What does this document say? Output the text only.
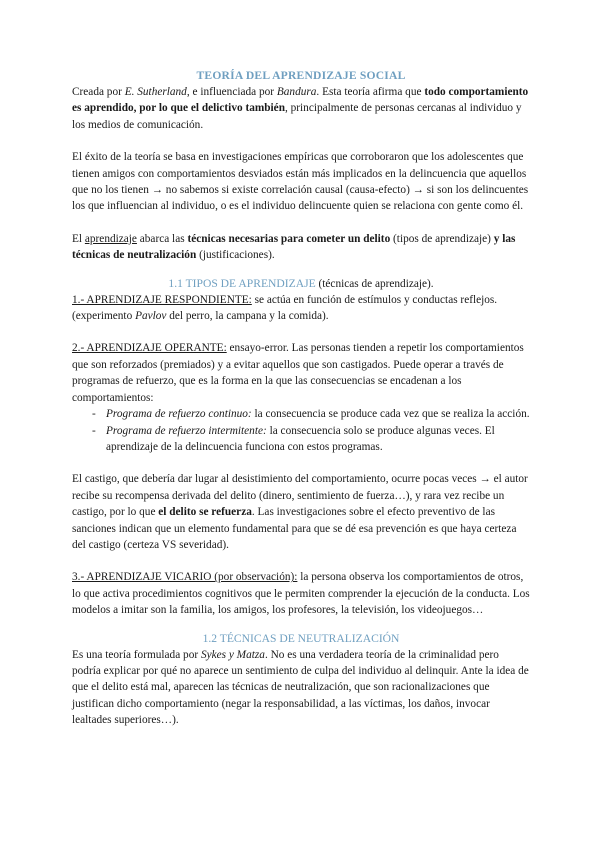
TEORÍA DEL APRENDIZAJE SOCIAL

Creada por E. Sutherland, e influenciada por Bandura. Esta teoría afirma que todo comportamiento es aprendido, por lo que el delictivo también, principalmente de personas cercanas al individuo y los medios de comunicación.

El éxito de la teoría se basa en investigaciones empíricas que corroboraron que los adolescentes que tienen amigos con comportamientos desviados están más implicados en la delincuencia que aquellos que no los tienen → no sabemos si existe correlación causal (causa-efecto) → si son los delincuentes los que influencian al individuo, o es el individuo delincuente quien se relaciona con gente como él.

El aprendizaje abarca las técnicas necesarias para cometer un delito (tipos de aprendizaje) y las técnicas de neutralización (justificaciones).

1.1 TIPOS DE APRENDIZAJE (técnicas de aprendizaje).

1.- APRENDIZAJE RESPONDIENTE: se actúa en función de estímulos y conductas reflejos. (experimento Pavlov del perro, la campana y la comida).

2.- APRENDIZAJE OPERANTE: ensayo-error. Las personas tienden a repetir los comportamientos que son reforzados (premiados) y a evitar aquellos que son castigados. Puede operar a través de programas de refuerzo, que es la forma en la que las consecuencias se encadenan a los comportamientos:

- Programa de refuerzo continuo: la consecuencia se produce cada vez que se realiza la acción.
- Programa de refuerzo intermitente: la consecuencia solo se produce algunas veces. El aprendizaje de la delincuencia funciona con estos programas.

El castigo, que debería dar lugar al desistimiento del comportamiento, ocurre pocas veces → el autor recibe su recompensa derivada del delito (dinero, sentimiento de fuerza…), y rara vez recibe un castigo, por lo que el delito se refuerza. Las investigaciones sobre el efecto preventivo de las sanciones indican que un elemento fundamental para que se dé esa prevención es que haya certeza del castigo (certeza VS severidad).

3.- APRENDIZAJE VICARIO (por observación): la persona observa los comportamientos de otros, lo que activa procedimientos cognitivos que le permiten comprender la ejecución de la conducta. Los modelos a imitar son la familia, los amigos, los profesores, la televisión, los videojuegos…

1.2 TÉCNICAS DE NEUTRALIZACIÓN

Es una teoría formulada por Sykes y Matza. No es una verdadera teoría de la criminalidad pero podría explicar por qué no aparece un sentimiento de culpa del individuo al delinquir. Ante la idea de que el delito está mal, aparecen las técnicas de neutralización, que son racionalizaciones que justifican dicho comportamiento (negar la responsabilidad, a las víctimas, los daños, invocar lealtades superiores…).
